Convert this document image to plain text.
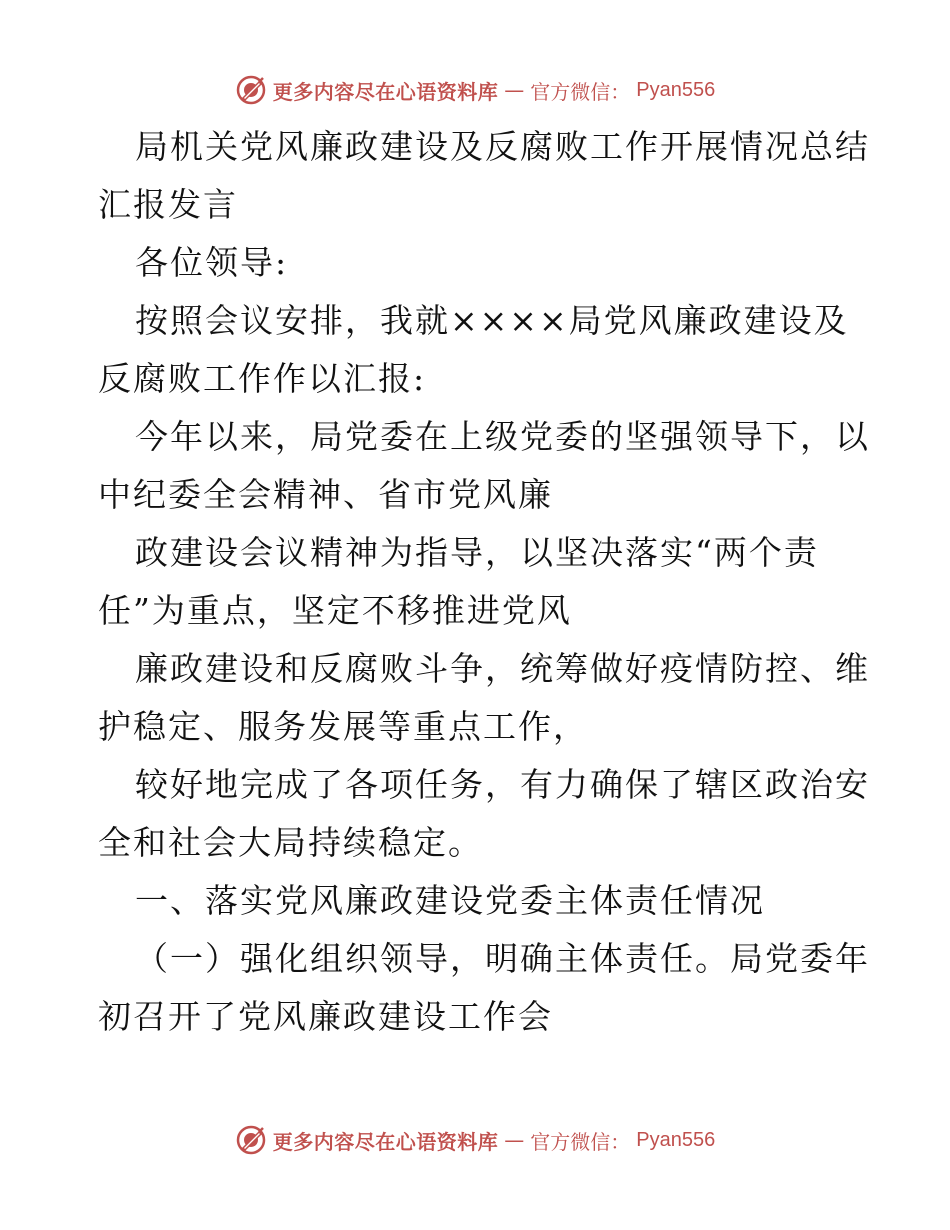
更多内容尽在心语资料库 — 官方微信： Pyan556
局机关党风廉政建设及反腐败工作开展情况总结
汇报发言
各位领导:
按照会议安排，我就××××局党风廉政建设及
反腐败工作作以汇报:
今年以来，局党委在上级党委的坚强领导下，以
中纪委全会精神、省市党风廉
政建设会议精神为指导，以坚决落实“两个责
任”为重点，坚定不移推进党风
廉政建设和反腐败斗争，统筹做好疫情防控、维
护稳定、服务发展等重点工作，
较好地完成了各项任务，有力确保了辖区政治安
全和社会大局持续稳定。
一、落实党风廉政建设党委主体责任情况
（一）强化组织领导，明确主体责任。局党委年
初召开了党风廉政建设工作会
更多内容尽在心语资料库 — 官方微信： Pyan556
